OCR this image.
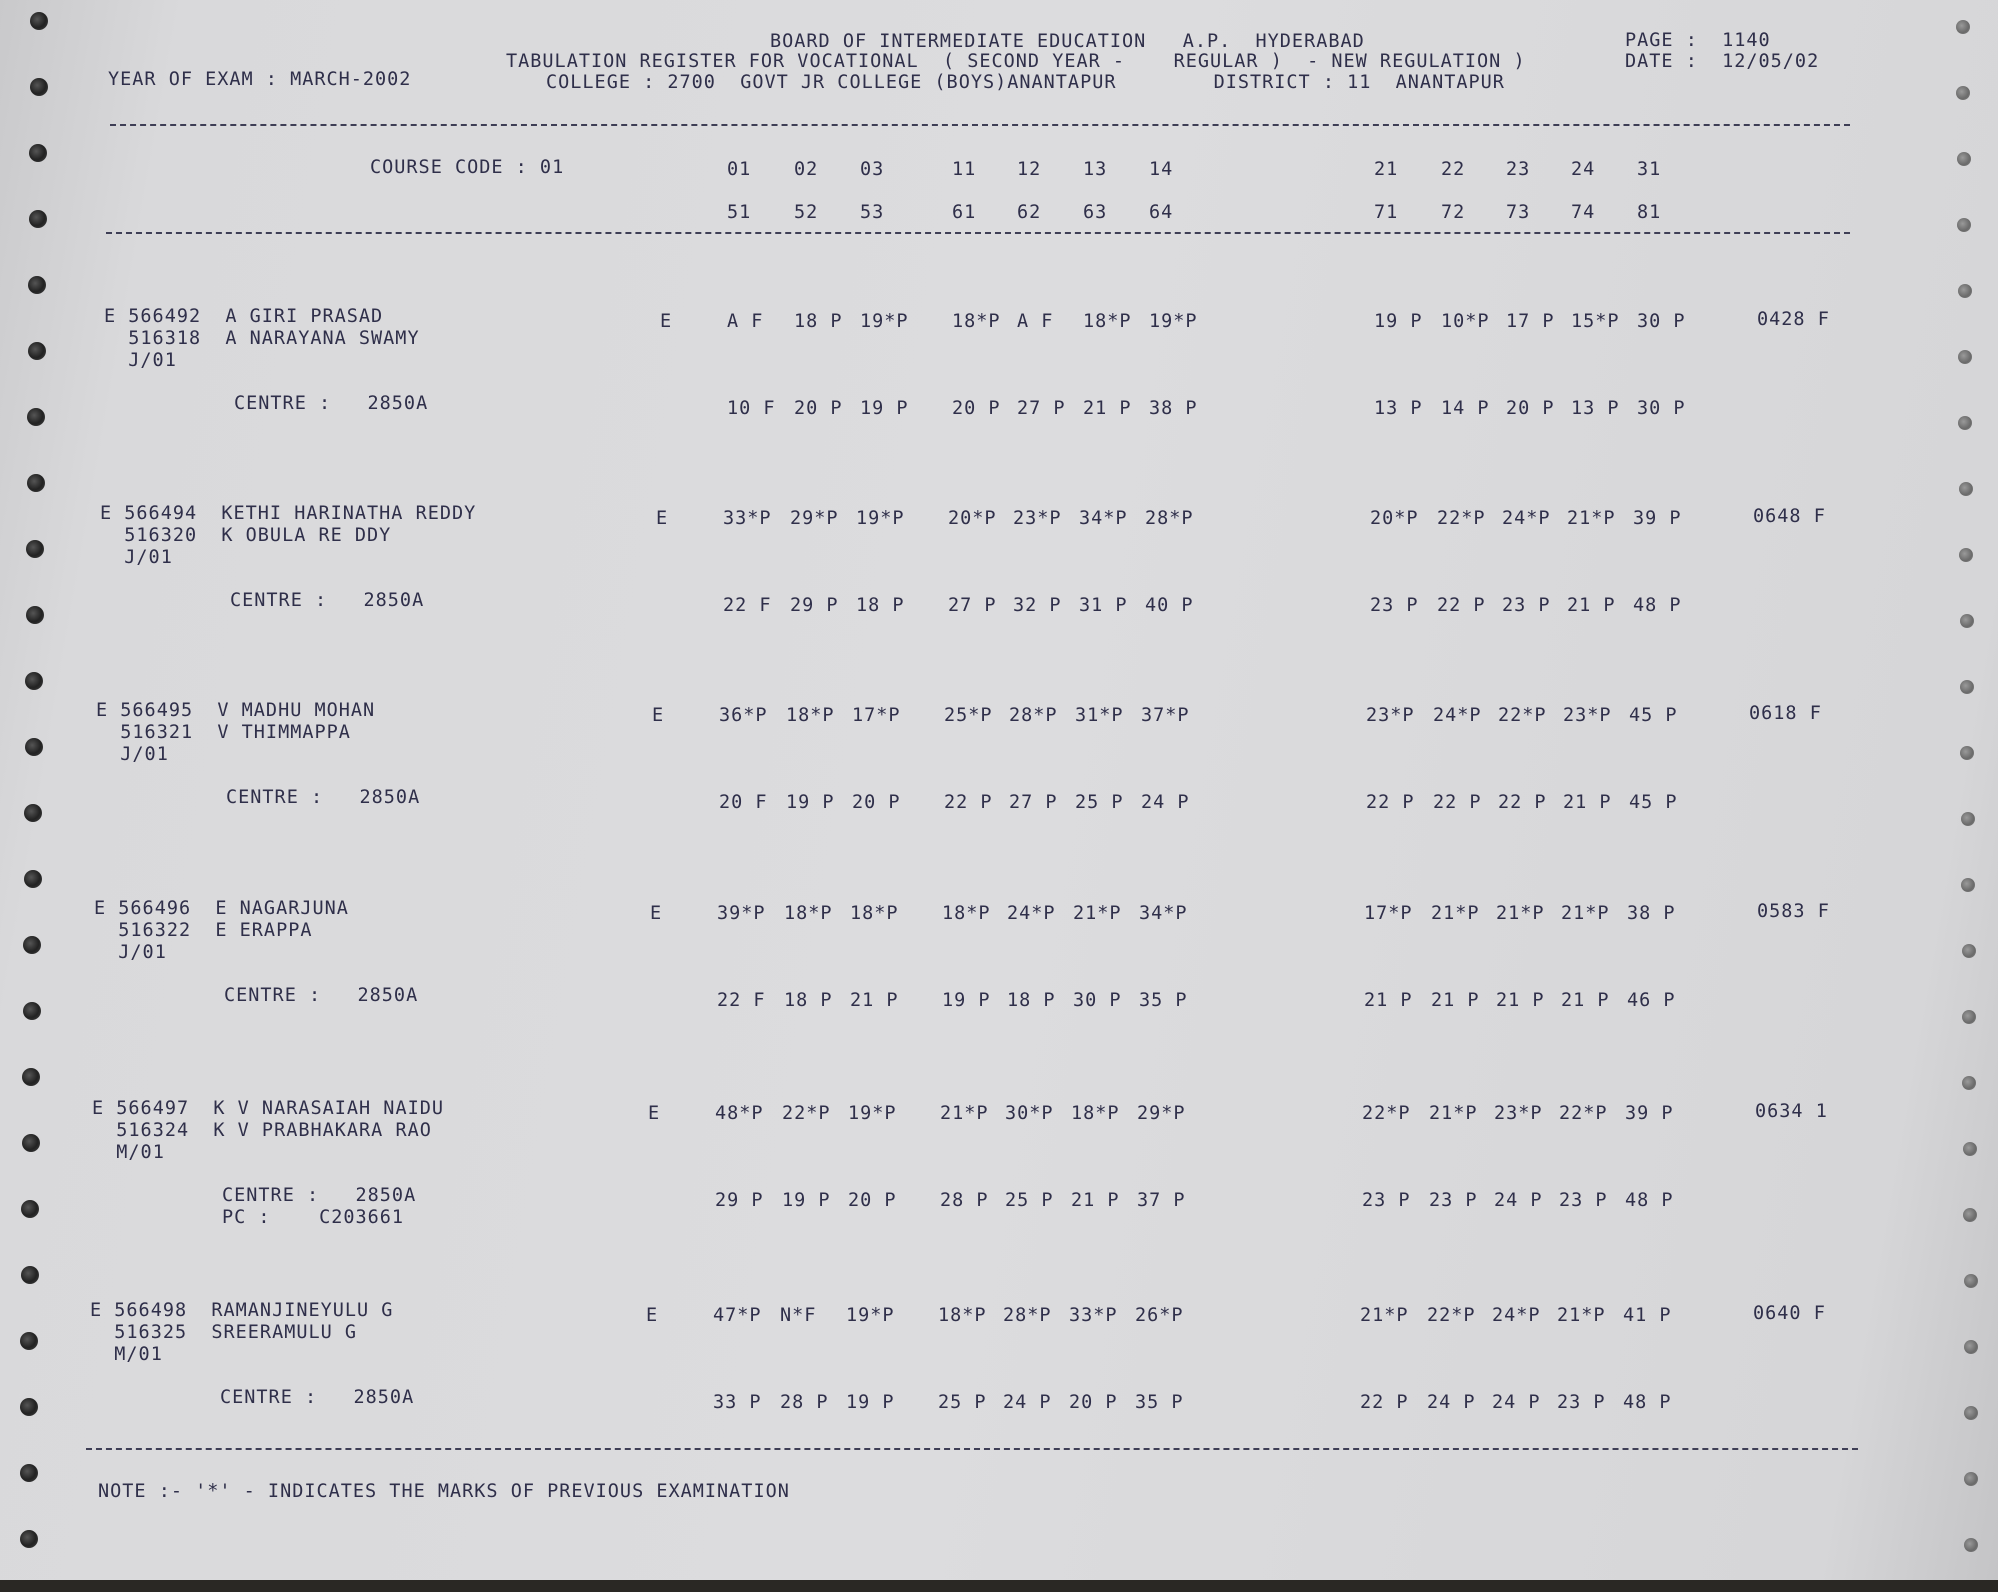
BOARD OF INTERMEDIATE EDUCATION   A.P.  HYDERABAD
TABULATION REGISTER FOR VOCATIONAL  ( SECOND YEAR -    REGULAR )  - NEW REGULATION )
COLLEGE : 2700  GOVT JR COLLEGE (BOYS)ANANTAPUR        DISTRICT : 11  ANANTAPUR
YEAR OF EXAM : MARCH-2002
PAGE :  1140
DATE :  12/05/02
COURSE CODE : 01	01 02 03	11 12 13 14	21 22 23 24 31
51 52 53	61 62 63 64	71 72 73 74 81
E 566492  A GIRI PRASAD
516318  A NARAYANA SWAMY
J/01
E	A F 18 P 19*P 18*P A F 18*P 19*P	19 P 10*P 17 P 15*P 30 P	0428 F
CENTRE :   2850A	10 F 20 P 19 P 20 P 27 P 21 P 38 P	13 P 14 P 20 P 13 P 30 P
E 566494  KETHI HARINATHA REDDY
516320  K OBULA RE DDY
J/01
E	33*P 29*P 19*P 20*P 23*P 34*P 28*P	20*P 22*P 24*P 21*P 39 P	0648 F
CENTRE :   2850A	22 F 29 P 18 P 27 P 32 P 31 P 40 P	23 P 22 P 23 P 21 P 48 P
E 566495  V MADHU MOHAN
516321  V THIMMAPPA
J/01
E	36*P 18*P 17*P 25*P 28*P 31*P 37*P	23*P 24*P 22*P 23*P 45 P	0618 F
CENTRE :   2850A	20 F 19 P 20 P 22 P 27 P 25 P 24 P	22 P 22 P 22 P 21 P 45 P
E 566496  E NAGARJUNA
516322  E ERAPPA
J/01
E	39*P 18*P 18*P 18*P 24*P 21*P 34*P	17*P 21*P 21*P 21*P 38 P	0583 F
CENTRE :   2850A	22 F 18 P 21 P 19 P 18 P 30 P 35 P	21 P 21 P 21 P 21 P 46 P
E 566497  K V NARASAIAH NAIDU
516324  K V PRABHAKARA RAO
M/01
E	48*P 22*P 19*P 21*P 30*P 18*P 29*P	22*P 21*P 23*P 22*P 39 P	0634 1
CENTRE :   2850A
PC :    C203661
29 P 19 P 20 P 28 P 25 P 21 P 37 P	23 P 23 P 24 P 23 P 48 P
E 566498  RAMANJINEYULU G
516325  SREERAMULU G
M/01
E	47*P N*F 19*P 18*P 28*P 33*P 26*P	21*P 22*P 24*P 21*P 41 P	0640 F
CENTRE :   2850A	33 P 28 P 19 P 25 P 24 P 20 P 35 P	22 P 24 P 24 P 23 P 48 P
NOTE :- '*' - INDICATES THE MARKS OF PREVIOUS EXAMINATION
